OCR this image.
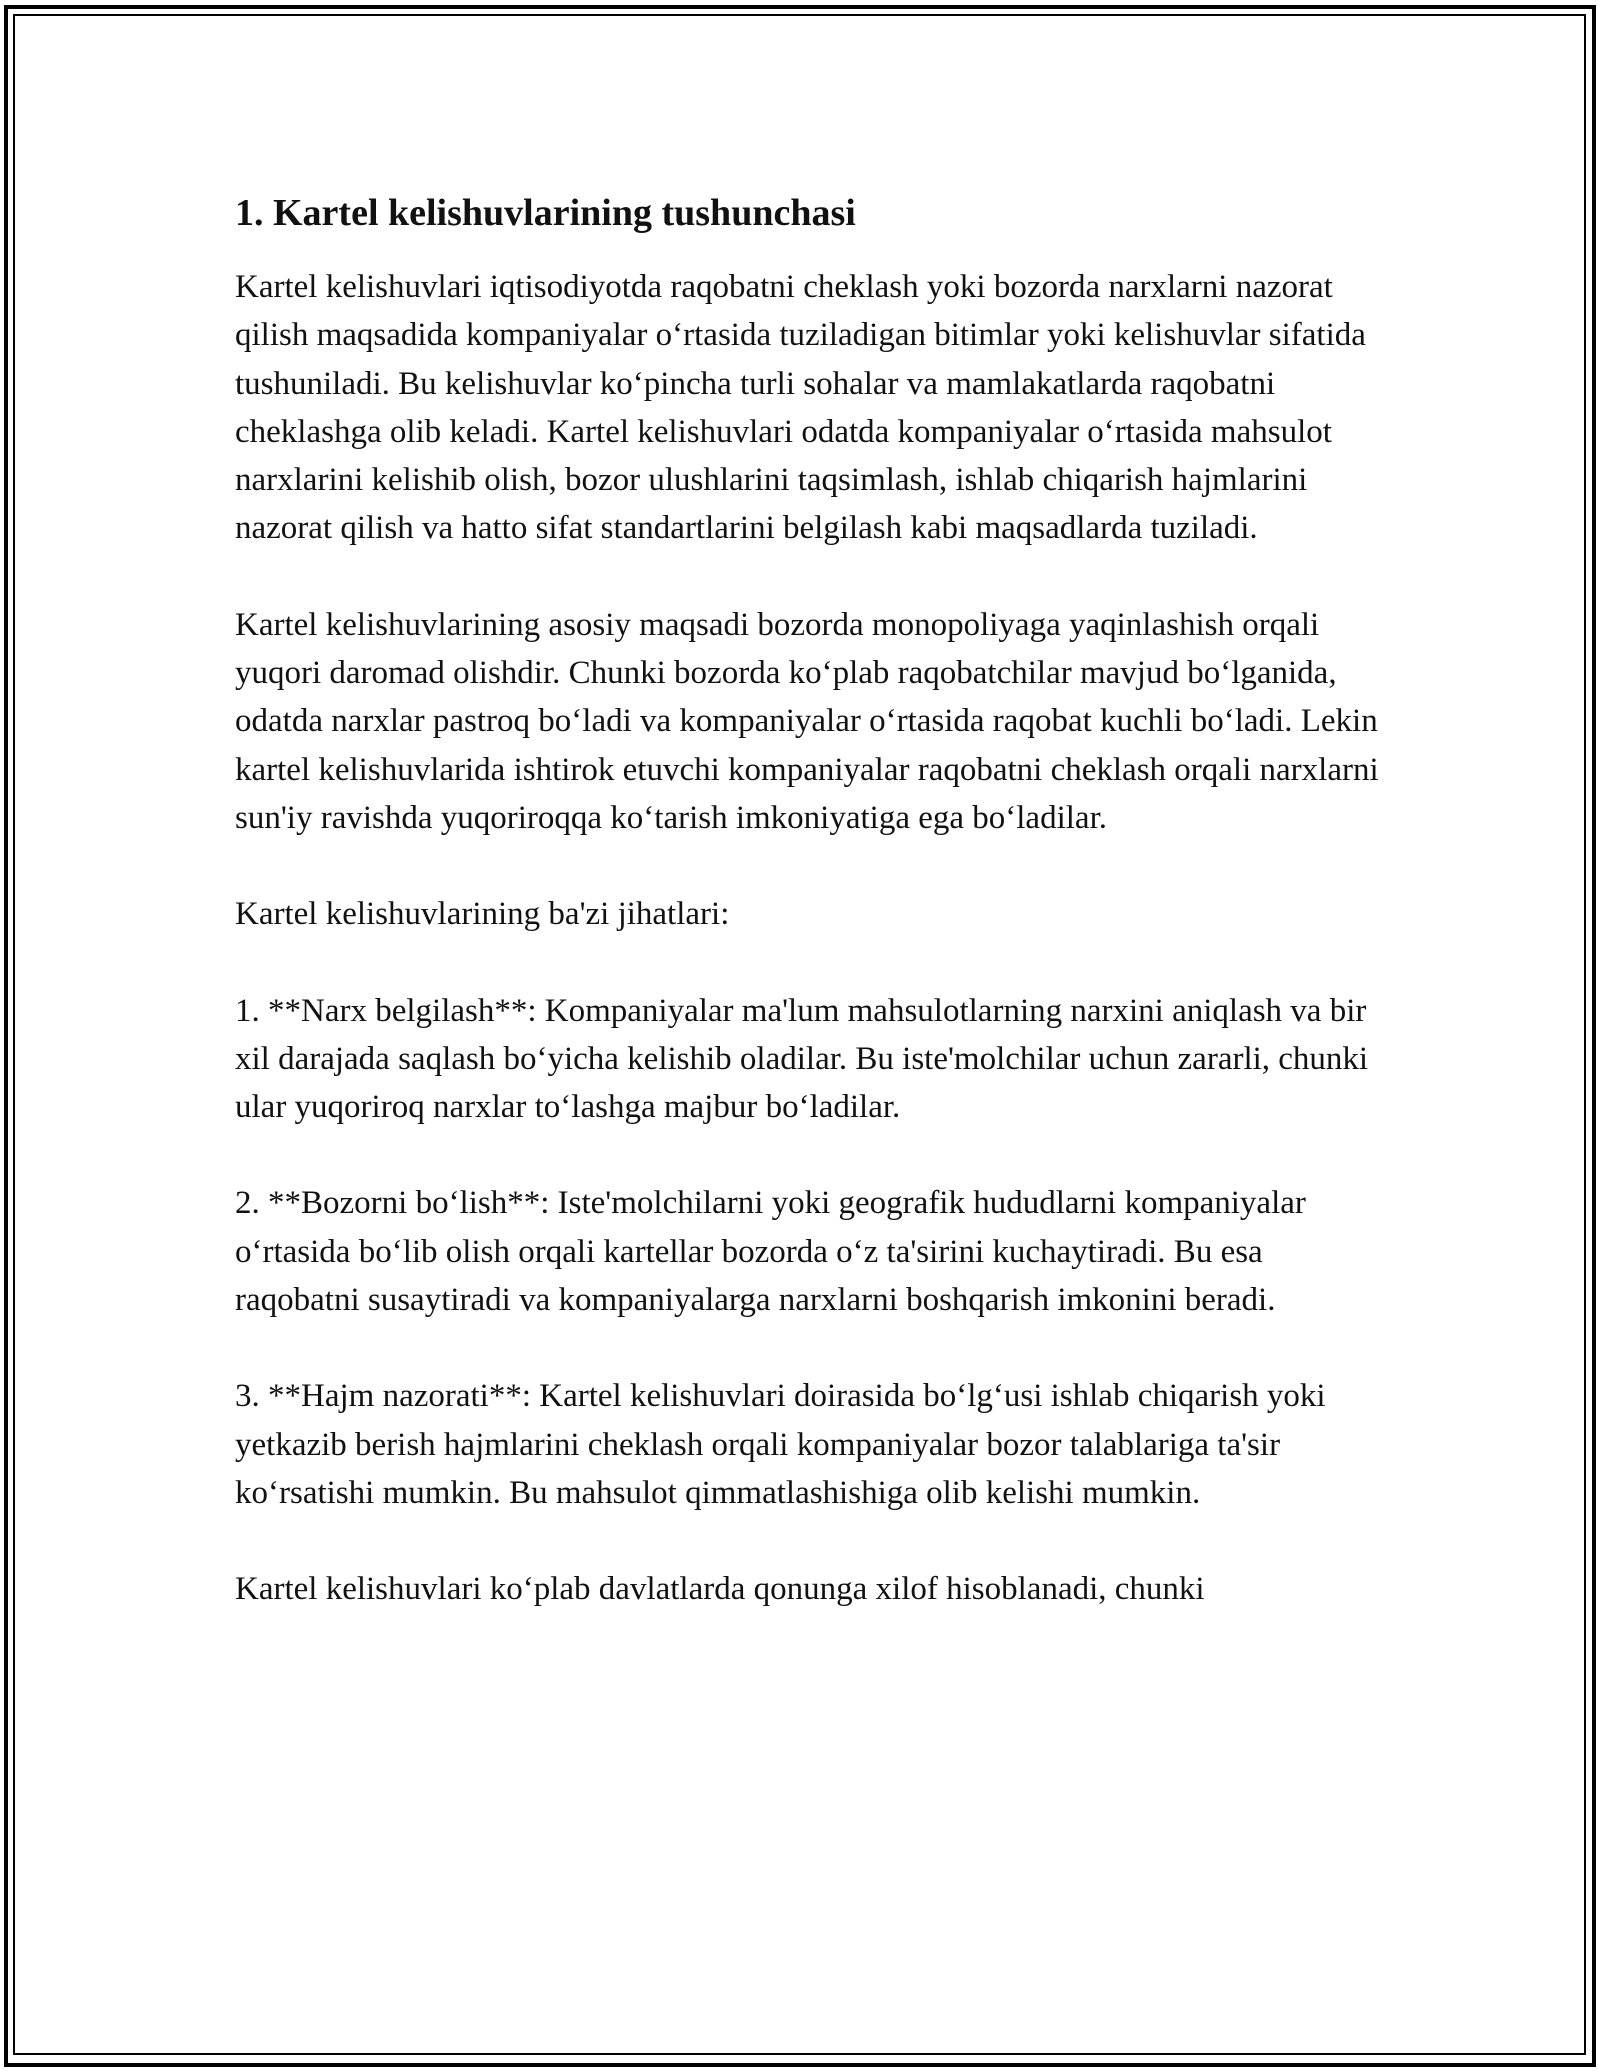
1. Kartel kelishuvlarining tushunchasi

Kartel kelishuvlari iqtisodiyotda raqobatni cheklash yoki bozorda narxlarni nazorat qilish maqsadida kompaniyalar o‘rtasida tuziladigan bitimlar yoki kelishuvlar sifatida tushuniladi. Bu kelishuvlar ko‘pincha turli sohalar va mamlakatlarda raqobatni cheklashga olib keladi. Kartel kelishuvlari odatda kompaniyalar o‘rtasida mahsulot narxlarini kelishib olish, bozor ulushlarini taqsimlash, ishlab chiqarish hajmlarini nazorat qilish va hatto sifat standartlarini belgilash kabi maqsadlarda tuziladi.

Kartel kelishuvlarining asosiy maqsadi bozorda monopoliyaga yaqinlashish orqali yuqori daromad olishdir. Chunki bozorda ko‘plab raqobatchilar mavjud bo‘lganida, odatda narxlar pastroq bo‘ladi va kompaniyalar o‘rtasida raqobat kuchli bo‘ladi. Lekin kartel kelishuvlarida ishtirok etuvchi kompaniyalar raqobatni cheklash orqali narxlarni sun'iy ravishda yuqoriroqqa ko‘tarish imkoniyatiga ega bo‘ladilar.

Kartel kelishuvlarining ba'zi jihatlari:

1. **Narx belgilash**: Kompaniyalar ma'lum mahsulotlarning narxini aniqlash va bir xil darajada saqlash bo‘yicha kelishib oladilar. Bu iste'molchilar uchun zararli, chunki ular yuqoriroq narxlar to‘lashga majbur bo‘ladilar.

2. **Bozorni bo‘lish**: Iste'molchilarni yoki geografik hududlarni kompaniyalar o‘rtasida bo‘lib olish orqali kartellar bozorda o‘z ta'sirini kuchaytiradi. Bu esa raqobatni susaytiradi va kompaniyalarga narxlarni boshqarish imkonini beradi.

3. **Hajm nazorati**: Kartel kelishuvlari doirasida bo‘lg‘usi ishlab chiqarish yoki yetkazib berish hajmlarini cheklash orqali kompaniyalar bozor talablariga ta'sir ko‘rsatishi mumkin. Bu mahsulot qimmatlashishiga olib kelishi mumkin.

Kartel kelishuvlari ko‘plab davlatlarda qonunga xilof hisoblanadi, chunki
